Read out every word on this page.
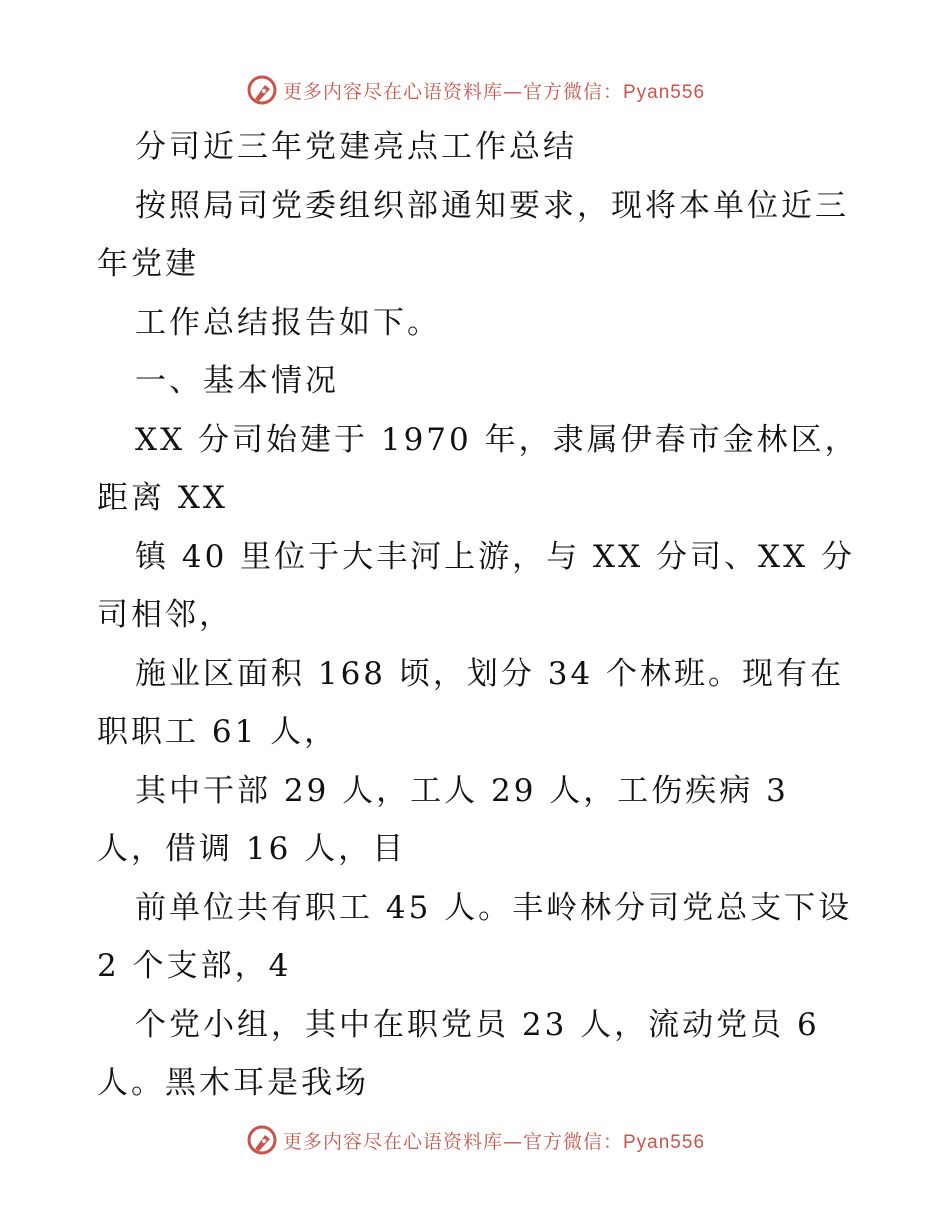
更多内容尽在心语资料库—官方微信：Pyan556
分司近三年党建亮点工作总结
按照局司党委组织部通知要求，现将本单位近三
年党建
工作总结报告如下。
一、基本情况
XX 分司始建于 1970 年，隶属伊春市金林区，
距离 XX
镇 40 里位于大丰河上游，与 XX 分司、XX 分
司相邻，
施业区面积 168 顷，划分 34 个林班。现有在
职职工 61 人，
其中干部 29 人，工人 29 人，工伤疾病 3
人，借调 16 人，目
前单位共有职工 45 人。丰岭林分司党总支下设
2 个支部，4
个党小组，其中在职党员 23 人，流动党员 6
人。黑木耳是我场
更多内容尽在心语资料库—官方微信：Pyan556
